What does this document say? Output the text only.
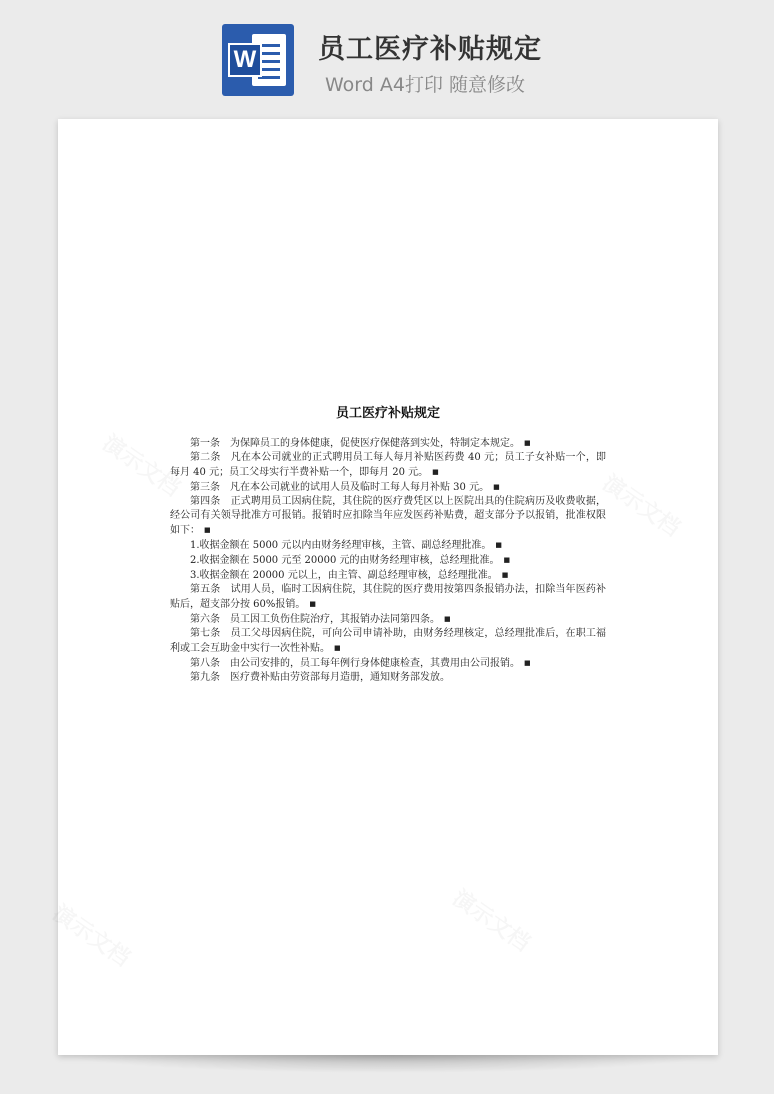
W 员工医疗补贴规定
Word A4打印 随意修改
员工医疗补贴规定

第一条　为保障员工的身体健康，促使医疗保健落到实处，特制定本规定。 ■

第二条　凡在本公司就业的正式聘用员工每人每月补贴医药费 40 元；员工子女补贴一个，即每月 40 元；员工父母实行半费补贴一个，即每月 20 元。 ■

第三条　凡在本公司就业的试用人员及临时工每人每月补贴 30 元。 ■

第四条　正式聘用员工因病住院，其住院的医疗费凭区以上医院出具的住院病历及收费收据，经公司有关领导批准方可报销。报销时应扣除当年应发医药补贴费，超支部分予以报销，批准权限如下： ■

1.收据金额在 5000 元以内由财务经理审核，主管、副总经理批准。 ■

2.收据金额在 5000 元至 20000 元的由财务经理审核，总经理批准。 ■

3.收据金额在 20000 元以上，由主管、副总经理审核，总经理批准。 ■

第五条　试用人员，临时工因病住院，其住院的医疗费用按第四条报销办法，扣除当年医药补贴后，超支部分按 60%报销。 ■

第六条　员工因工负伤住院治疗，其报销办法同第四条。 ■

第七条　员工父母因病住院，可向公司申请补助，由财务经理核定，总经理批准后，在职工福利或工会互助金中实行一次性补贴。 ■

第八条　由公司安排的，员工每年例行身体健康检查，其费用由公司报销。 ■

第九条　医疗费补贴由劳资部每月造册，通知财务部发放。
